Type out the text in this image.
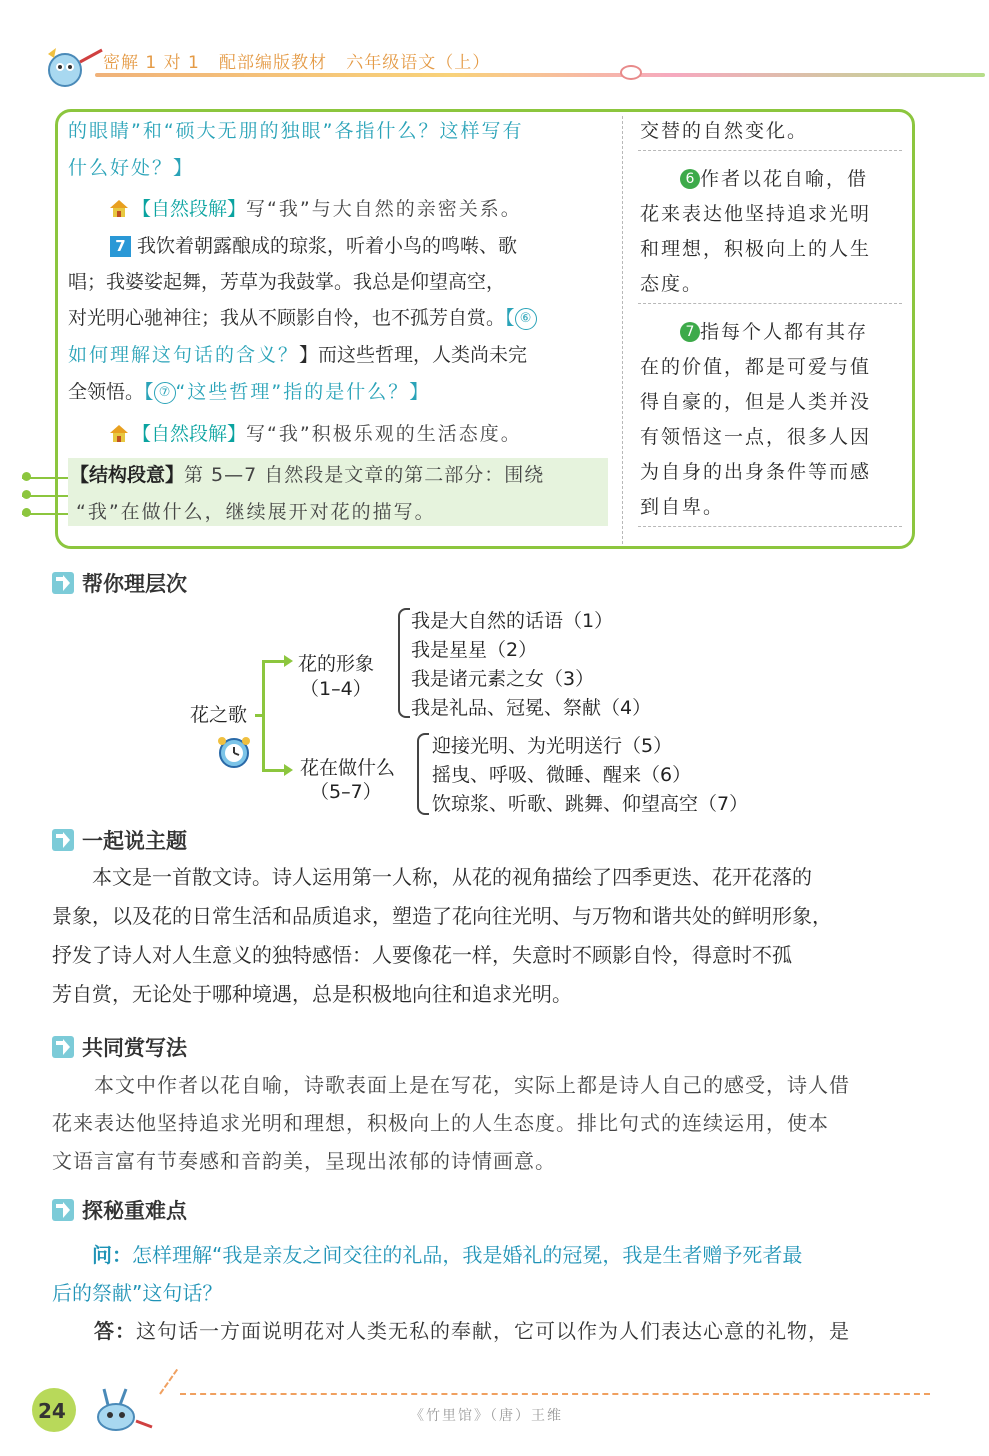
密解 1 对 1   配部编版教材   六年级语文（上）
的眼睛”和“硕大无朋的独眼”各指什么？这样写有
什么好处？】
【自然段解】写“我”与大自然的亲密关系。
7 我饮着朝露酿成的琼浆，听着小鸟的鸣啭、歌
唱；我婆娑起舞，芳草为我鼓掌。我总是仰望高空，
对光明心驰神往；我从不顾影自怜，也不孤芳自赏。【 ⑥
如何理解这句话的含义？】而这些哲理，人类尚未完
全领悟。【 ⑦ “这些哲理”指的是什么？】
【自然段解】写“我”积极乐观的生活态度。
【结构段意】第 5—7 自然段是文章的第二部分：围绕
“我”在做什么，继续展开对花的描写。
交替的自然变化。
6 作者以花自喻，借
花来表达他坚持追求光明
和理想，积极向上的人生
态度。
7 指每个人都有其存
在的价值，都是可爱与值
得自豪的，但是人类并没
有领悟这一点，很多人因
为自身的出身条件等而感
到自卑。
帮你理层次
花之歌
花的形象
（1–4）
我是大自然的话语（1）
我是星星（2）
我是诸元素之女（3）
我是礼品、冠冕、祭献（4）
花在做什么
（5–7）
迎接光明、为光明送行（5）
摇曳、呼吸、微睡、醒来（6）
饮琼浆、听歌、跳舞、仰望高空（7）
一起说主题
　　本文是一首散文诗。诗人运用第一人称，从花的视角描绘了四季更迭、花开花落的
景象，以及花的日常生活和品质追求，塑造了花向往光明、与万物和谐共处的鲜明形象，
抒发了诗人对人生意义的独特感悟：人要像花一样，失意时不顾影自怜，得意时不孤
芳自赏，无论处于哪种境遇，总是积极地向往和追求光明。
共同赏写法
　　本文中作者以花自喻，诗歌表面上是在写花，实际上都是诗人自己的感受，诗人借
花来表达他坚持追求光明和理想，积极向上的人生态度。排比句式的连续运用，使本
文语言富有节奏感和音韵美，呈现出浓郁的诗情画意。
探秘重难点
　　问：怎样理解“我是亲友之间交往的礼品，我是婚礼的冠冕，我是生者赠予死者最
后的祭献”这句话？
　　答：这句话一方面说明花对人类无私的奉献，它可以作为人们表达心意的礼物，是
24	《竹里馆》（唐）王维
